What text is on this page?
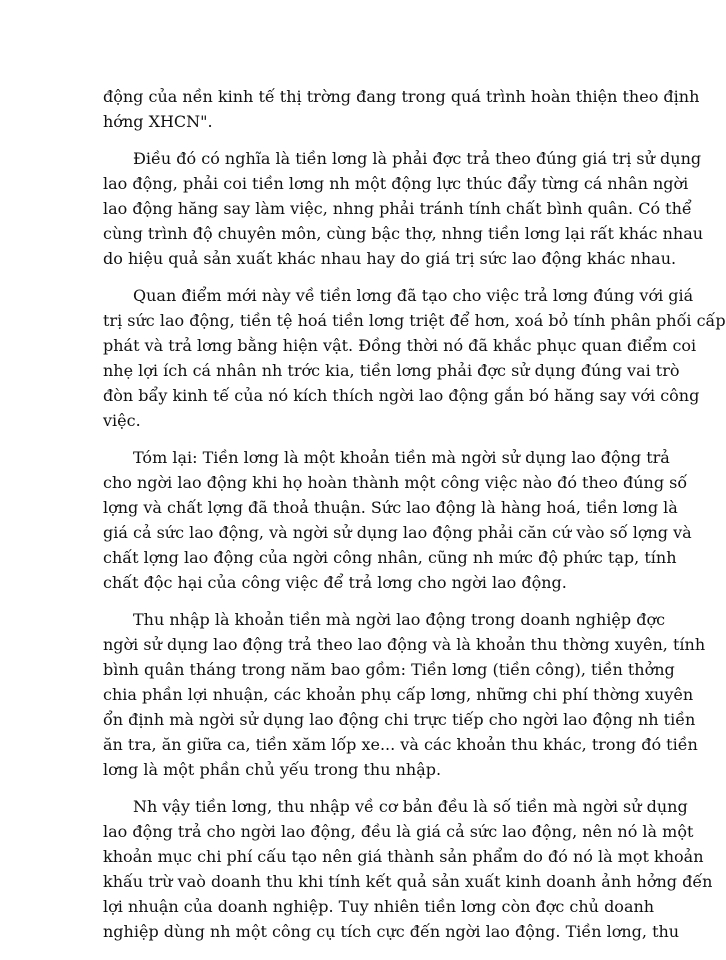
động của nền kinh tế thị trờng đang trong quá trình hoàn thiện theo định
hớng XHCN".

Điều đó có nghĩa là tiền lơng là phải đợc trả theo đúng giá trị sử dụng
lao động, phải coi tiền lơng nh một động lực thúc đẩy từng cá nhân ngời
lao động hăng say làm việc, nhng phải tránh tính chất bình quân. Có thể
cùng trình độ chuyên môn, cùng bậc thợ, nhng tiền lơng lại rất khác nhau
do hiệu quả sản xuất khác nhau hay do giá trị sức lao động khác nhau.

Quan điểm mới này về tiền lơng đã tạo cho việc trả lơng đúng với giá
trị sức lao động, tiền tệ hoá tiền lơng triệt để hơn, xoá bỏ tính phân phối cấp
phát và trả lơng bằng hiện vật. Đồng thời nó đã khắc phục quan điểm coi
nhẹ lợi ích cá nhân nh trớc kia, tiền lơng phải đợc sử dụng đúng vai trò
đòn bẩy kinh tế của nó kích thích ngời lao động gắn bó hăng say với công
việc.

Tóm lại: Tiền lơng là một khoản tiền mà ngời sử dụng lao động trả
cho ngời lao động khi họ hoàn thành một công việc nào đó theo đúng số
lợng và chất lợng đã thoả thuận. Sức lao động là hàng hoá, tiền lơng là
giá cả sức lao động, và ngời sử dụng lao động phải căn cứ vào số lợng và
chất lợng lao động của ngời công nhân, cũng nh mức độ phức tạp, tính
chất độc hại của công việc để trả lơng cho ngời lao động.

Thu nhập là khoản tiền mà ngời lao động trong doanh nghiệp đợc
ngời sử dụng lao động trả theo lao động và là khoản thu thờng xuyên, tính
bình quân tháng trong năm bao gồm: Tiền lơng (tiền công), tiền thởng
chia phần lợi nhuận, các khoản phụ cấp lơng, những chi phí thờng xuyên
ổn định mà ngời sử dụng lao động chi trực tiếp cho ngời lao động nh tiền
ăn tra, ăn giữa ca, tiền xăm lốp xe... và các khoản thu khác, trong đó tiền
lơng là một phần chủ yếu trong thu nhập.

Nh vậy tiền lơng, thu nhập về cơ bản đều là số tiền mà ngời sử dụng
lao động trả cho ngời lao động, đều là giá cả sức lao động, nên nó là một
khoản mục chi phí cấu tạo nên giá thành sản phẩm do đó nó là mọt khoản
khấu trừ vaò doanh thu khi tính kết quả sản xuất kinh doanh ảnh hởng đến
lợi nhuận của doanh nghiệp. Tuy nhiên tiền lơng còn đợc chủ doanh
nghiệp dùng nh một công cụ tích cực đến ngời lao động. Tiền lơng, thu
